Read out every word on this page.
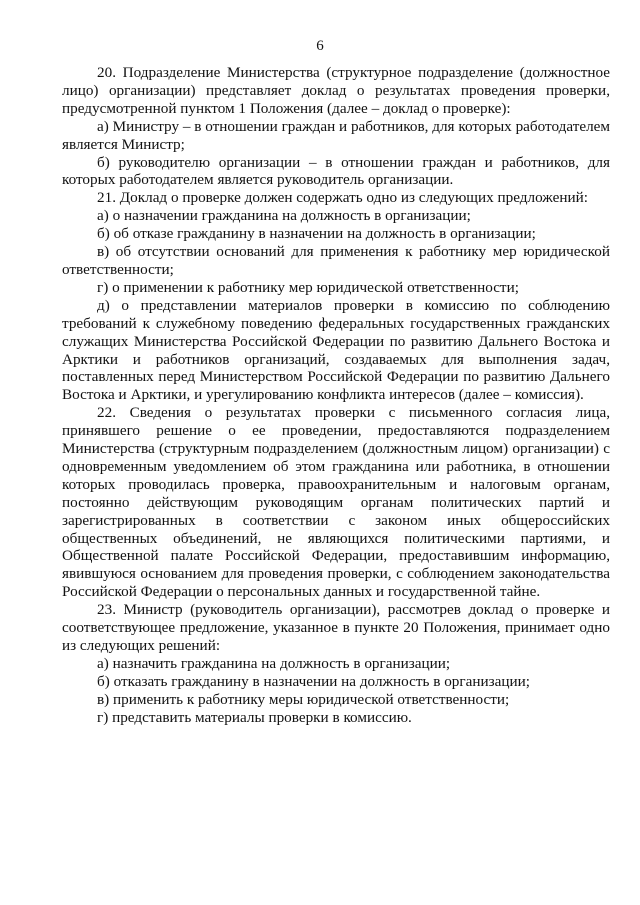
6

20. Подразделение Министерства (структурное подразделение (должностное лицо) организации) представляет доклад о результатах проведения проверки, предусмотренной пунктом 1 Положения (далее – доклад о проверке):

а) Министру – в отношении граждан и работников, для которых работодателем является Министр;

б) руководителю организации – в отношении граждан и работников, для которых работодателем является руководитель организации.

21. Доклад о проверке должен содержать одно из следующих предложений:

а) о назначении гражданина на должность в организации;

б) об отказе гражданину в назначении на должность в организации;

в) об отсутствии оснований для применения к работнику мер юридической ответственности;

г) о применении к работнику мер юридической ответственности;

д) о представлении материалов проверки в комиссию по соблюдению требований к служебному поведению федеральных государственных гражданских служащих Министерства Российской Федерации по развитию Дальнего Востока и Арктики и работников организаций, создаваемых для выполнения задач, поставленных перед Министерством Российской Федерации по развитию Дальнего Востока и Арктики, и урегулированию конфликта интересов (далее – комиссия).

22. Сведения о результатах проверки с письменного согласия лица, принявшего решение о ее проведении, предоставляются подразделением Министерства (структурным подразделением (должностным лицом) организации) с одновременным уведомлением об этом гражданина или работника, в отношении которых проводилась проверка, правоохранительным и налоговым органам, постоянно действующим руководящим органам политических партий и зарегистрированных в соответствии с законом иных общероссийских общественных объединений, не являющихся политическими партиями, и Общественной палате Российской Федерации, предоставившим информацию, явившуюся основанием для проведения проверки, с соблюдением законодательства Российской Федерации о персональных данных и государственной тайне.

23. Министр (руководитель организации), рассмотрев доклад о проверке и соответствующее предложение, указанное в пункте 20 Положения, принимает одно из следующих решений:

а) назначить гражданина на должность в организации;

б) отказать гражданину в назначении на должность в организации;

в) применить к работнику меры юридической ответственности;

г) представить материалы проверки в комиссию.
